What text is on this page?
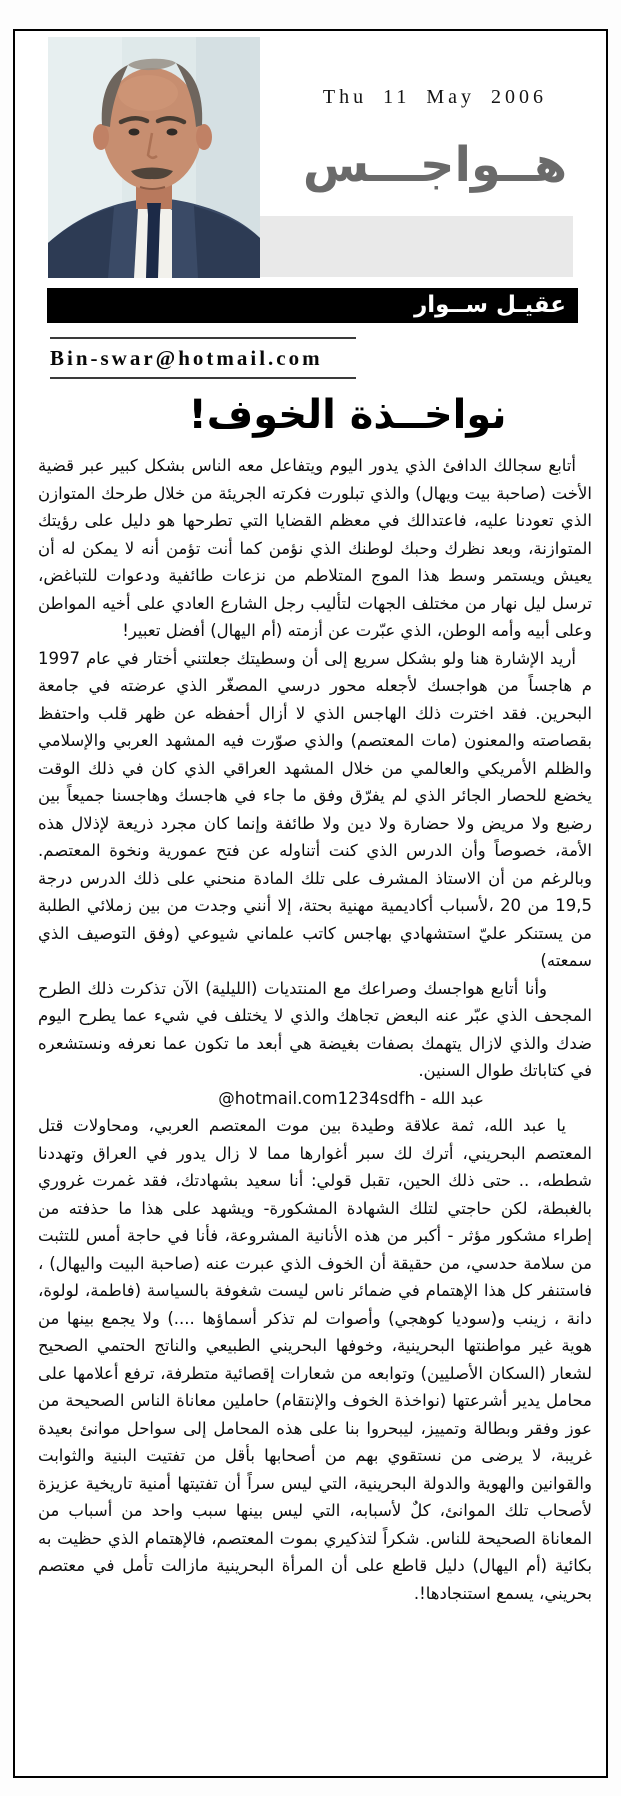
Thu 11 May 2006
هــواجـــس
عقيـل ســوار
Bin-swar@hotmail.com
نواخــذة الخوف!

أتابع سجالك الدافئ الذي يدور اليوم ويتفاعل معه الناس بشكل كبير عبر قضية الأخت (صاحبة بيت ويهال) والذي تبلورت فكرته الجريئة من خلال طرحك المتوازن الذي تعودنا عليه، فاعتدالك في معظم القضايا التي تطرحها هو دليل على رؤيتك المتوازنة، وبعد نظرك وحبك لوطنك الذي نؤمن كما أنت تؤمن أنه لا يمكن له أن يعيش ويستمر وسط هذا الموج المتلاطم من نزعات طائفية ودعوات للتباغض، ترسل ليل نهار من مختلف الجهات لتأليب رجل الشارع العادي على أخيه المواطن وعلى أبيه وأمه الوطن، الذي عبّرت عن أزمته (أم اليهال) أفضل تعبير!

أريد الإشارة هنا ولو بشكل سريع إلى أن وسطيتك جعلتني أختار في عام 1997 م هاجساً من هواجسك لأجعله محور درسي المصغّر الذي عرضته في جامعة البحرين. فقد اخترت ذلك الهاجس الذي لا أزال أحفظه عن ظهر قلب واحتفظ بقصاصته والمعنون (مات المعتصم) والذي صوّرت فيه المشهد العربي والإسلامي والظلم الأمريكي والعالمي من خلال المشهد العراقي الذي كان في ذلك الوقت يخضع للحصار الجائر الذي لم يفرّق وفق ما جاء في هاجسك وهاجسنا جميعاً بين رضيع ولا مريض ولا حضارة ولا دين ولا طائفة وإنما كان مجرد ذريعة لإذلال هذه الأمة، خصوصاً وأن الدرس الذي كنت أتناوله عن فتح عمورية ونخوة المعتصم. وبالرغم من أن الاستاذ المشرف على تلك المادة منحني على ذلك الدرس درجة 19,5 من 20 ،لأسباب أكاديمية مهنية بحتة، إلا أنني وجدت من بين زملائي الطلبة من يستنكر عليّ استشهادي بهاجس كاتب علماني شيوعي (وفق التوصيف الذي سمعته)

وأنا أتابع هواجسك وصراعك مع المنتديات (الليلية) الآن تذكرت ذلك الطرح المجحف الذي عبّر عنه البعض تجاهك والذي لا يختلف في شيء عما يطرح اليوم ضدك والذي لازال يتهمك بصفات بغيضة هي أبعد ما تكون عما نعرفه ونستشعره في كتاباتك طوال السنين.

عبد الله - ‎@hotmail.com1234sdfh

يا عبد الله، ثمة علاقة وطيدة بين موت المعتصم العربي، ومحاولات قتل المعتصم البحريني، أترك لك سبر أغوارها مما لا زال يدور في العراق وتهددنا شططه، .. حتى ذلك الحين، تقبل قولي: أنا سعيد بشهادتك، فقد غمرت غروري بالغبطة، لكن حاجتي لتلك الشهادة المشكورة- ويشهد على هذا ما حذفته من إطراء مشكور مؤثر - أكبر من هذه الأنانية المشروعة، فأنا في حاجة أمس للتثبت من سلامة حدسي، من حقيقة أن الخوف الذي عبرت عنه (صاحبة البيت واليهال) ، فاستنفر كل هذا الإهتمام في ضمائر ناس ليست شغوفة بالسياسة (فاطمة، لولوة، دانة ، زينب و(سوديا كوهجي) وأصوات لم تذكر أسماؤها ....) ولا يجمع بينها من هوية غير مواطنتها البحرينية، وخوفها البحريني الطبيعي والناتج الحتمي الصحيح لشعار (السكان الأصليين) وتوابعه من شعارات إقصائية متطرفة، ترفع أعلامها على محامل يدير أشرعتها (نواخذة الخوف والإنتقام) حاملين معاناة الناس الصحيحة من عوز وفقر وبطالة وتمييز، ليبحروا بنا على هذه المحامل إلى سواحل موانئ بعيدة غريبة، لا يرضى من نستقوي بهم من أصحابها بأقل من تفتيت البنية والثوابت والقوانين والهوية والدولة البحرينية، التي ليس سراً أن تفتيتها أمنية تاريخية عزيزة لأصحاب تلك الموانئ، كلٌ لأسبابه، التي ليس بينها سبب واحد من أسباب من المعاناة الصحيحة للناس. شكراً لتذكيري بموت المعتصم، فالإهتمام الذي حظيت به بكائية (أم اليهال) دليل قاطع على أن المرأة البحرينية مازالت تأمل في معتصم بحريني، يسمع استنجادها!.
